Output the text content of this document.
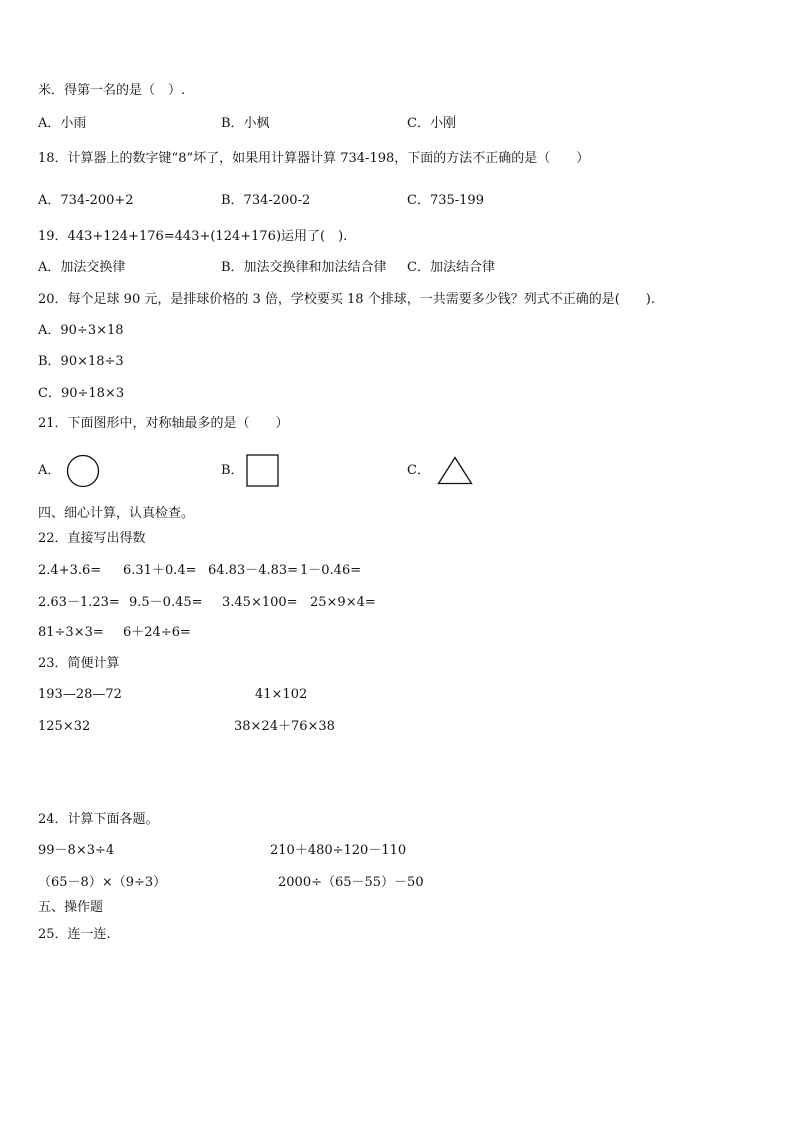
米．得第一名的是（　）.
A．小雨	B．小枫	C．小刚
18．计算器上的数字键“8”坏了，如果用计算器计算 734-198，下面的方法不正确的是（　　）
A．734-200+2	B．734-200-2	C．735-199
19．443+124+176=443+(124+176)运用了(　).
A．加法交换律	B．加法交换律和加法结合律 C．加法结合律
20．每个足球 90 元，是排球价格的 3 倍，学校要买 18 个排球，一共需要多少钱？列式不正确的是(　　).
A．90÷3×18
B．90×18÷3
C．90÷18×3
21．下面图形中，对称轴最多的是（　　）
A．	B．	C．
四、细心计算，认真检查。
22．直接写出得数
2.4+3.6= 6.31＋0.4= 64.83－4.83= 1－0.46=
2.63－1.23= 9.5－0.45= 3.45×100= 25×9×4=
81÷3×3= 6＋24÷6=
23．简便计算
193—28—72	41×102
125×32	38×24＋76×38
24．计算下面各题。
99－8×3÷4	210＋480÷120－110
（65－8）×（9÷3）	2000÷（65－55）－50
五、操作题
25．连一连.
